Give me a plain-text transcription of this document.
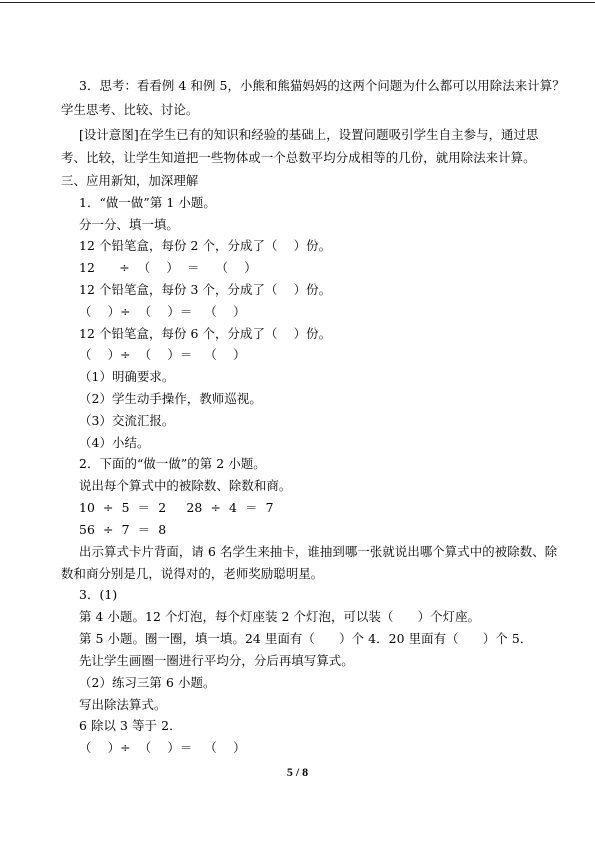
3．思考：看看例 4 和例 5，小熊和熊猫妈妈的这两个问题为什么都可以用除法来计算？
学生思考、比较、讨论。
[设计意图]在学生已有的知识和经验的基础上，设置问题吸引学生自主参与，通过思
考、比较，让学生知道把一些物体或一个总数平均分成相等的几份，就用除法来计算。
三、应用新知，加深理解
1．“做一做”第 1 小题。
分一分、填一填。
12 个铅笔盒，每份 2 个，分成了（    ）份。
12      ÷  （    ）  ＝    （    ）
12 个铅笔盒，每份 3 个，分成了（    ）份。
（    ）÷  （    ）＝   （    ）
12 个铅笔盒，每份 6 个，分成了（    ）份。
（    ）÷  （    ）＝   （    ）
（1）明确要求。
（2）学生动手操作，教师巡视。
（3）交流汇报。
（4）小结。
2．下面的“做一做”的第 2 小题。
说出每个算式中的被除数、除数和商。
10  ÷  5  ＝  2     28  ÷  4  ＝  7
56  ÷  7  ＝  8
出示算式卡片背面，请 6 名学生来抽卡，谁抽到哪一张就说出哪个算式中的被除数、除
数和商分别是几，说得对的，老师奖励聪明星。
3．(1)
第 4 小题。12 个灯泡，每个灯座装 2 个灯泡，可以装（      ）个灯座。
第 5 小题。圈一圈，填一填。24 里面有（      ）个 4．20 里面有（      ）个 5．
先让学生画圈一圈进行平均分，分后再填写算式。
（2）练习三第 6 小题。
写出除法算式。
6 除以 3 等于 2．
（    ）÷  （    ）＝   （    ）
5 / 8
